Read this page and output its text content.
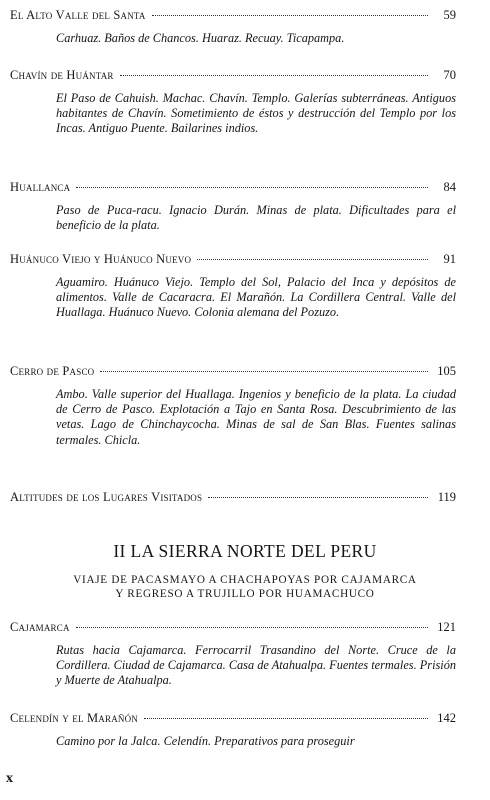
El Alto Valle del Santa	59
Carhuaz. Baños de Chancos. Huaraz. Recuay. Ticapampa.
Chavín de Huántar	70
El Paso de Cahuish. Machac. Chavín. Templo. Galerías subterráneas. Antiguos habitantes de Chavín. Sometimiento de éstos y destrucción del Templo por los Incas. Antiguo Puente. Bailarines indios.
Huallanca	84
Paso de Puca-racu. Ignacio Durán. Minas de plata. Dificultades para el beneficio de la plata.
Huánuco Viejo y Huánuco Nuevo	91
Aguamiro. Huánuco Viejo. Templo del Sol, Palacio del Inca y depósitos de alimentos. Valle de Cacaracra. El Marañón. La Cordillera Central. Valle del Huallaga. Huánuco Nuevo. Colonia alemana del Pozuzo.
Cerro de Pasco	105
Ambo. Valle superior del Huallaga. Ingenios y beneficio de la plata. La ciudad de Cerro de Pasco. Explotación a Tajo en Santa Rosa. Descubrimiento de las vetas. Lago de Chinchaycocha. Minas de sal de San Blas. Fuentes salinas termales. Chicla.
Altitudes de los Lugares Visitados	119
II LA SIERRA NORTE DEL PERU
VIAJE DE PACASMAYO A CHACHAPOYAS POR CAJAMARCA
Y REGRESO A TRUJILLO POR HUAMACHUCO
Cajamarca	121
Rutas hacia Cajamarca. Ferrocarril Trasandino del Norte. Cruce de la Cordillera. Ciudad de Cajamarca. Casa de Atahualpa. Fuentes termales. Prisión y Muerte de Atahualpa.
Celendín y el Marañón	142
Camino por la Jalca. Celendín. Preparativos para proseguir
x
